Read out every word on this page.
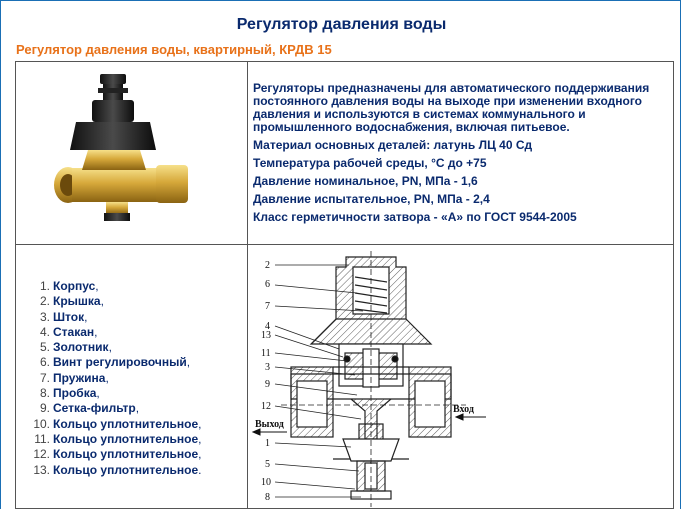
Регулятор давления воды
Регулятор давления воды, квартирный, КРДВ 15

Регуляторы предназначены для автоматического поддерживания постоянного давления воды на выходе при изменении входного давления и используются в системах коммунального и промышленного водоснабжения, включая питьевое.

Материал основных деталей: латунь ЛЦ 40 Сд

Температура рабочей среды, °С до +75

Давление номинальное, PN, МПа - 1,6

Давление испытательное, PN, МПа - 2,4

Класс герметичности затвора - «А» по ГОСТ 9544-2005

1. Корпус,
2. Крышка,
3. Шток,
4. Стакан,
5. Золотник,
6. Винт регулировочный,
7. Пружина,
8. Пробка,
9. Сетка-фильтр,
10. Кольцо уплотнительное,
11. Кольцо уплотнительное,
12. Кольцо уплотнительное,
13. Кольцо уплотнительное.
2
6
7
4
13
11
3
9
12
1
5
10
8
Выход
Вход
